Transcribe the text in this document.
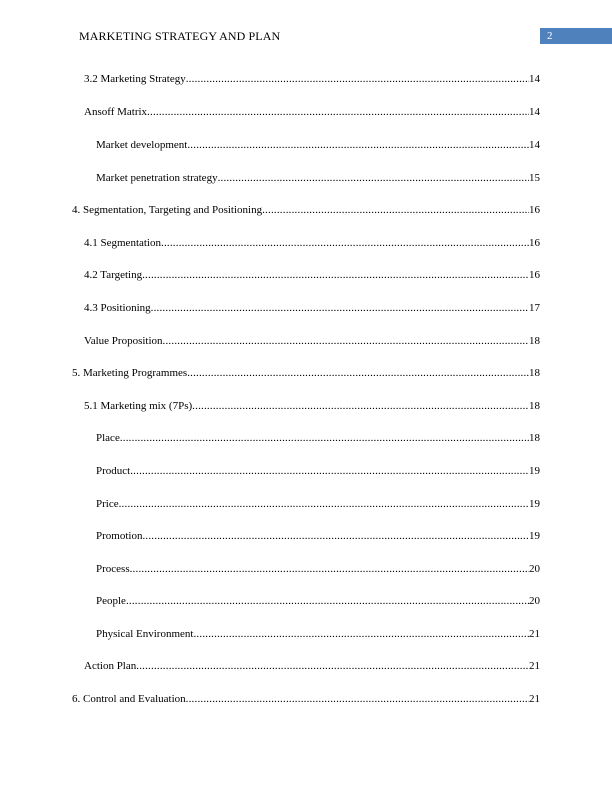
MARKETING STRATEGY AND PLAN	2
3.2 Marketing Strategy .....	14
Ansoff Matrix .....	14
Market development .....	14
Market penetration strategy .....	15
4. Segmentation, Targeting and Positioning .....	16
4.1 Segmentation .....	16
4.2 Targeting .....	16
4.3 Positioning .....	17
Value Proposition .....	18
5. Marketing Programmes .....	18
5.1 Marketing mix (7Ps) .....	18
Place .....	18
Product .....	19
Price .....	19
Promotion .....	19
Process .....	20
People .....	20
Physical Environment .....	21
Action Plan .....	21
6. Control and Evaluation .....	21
